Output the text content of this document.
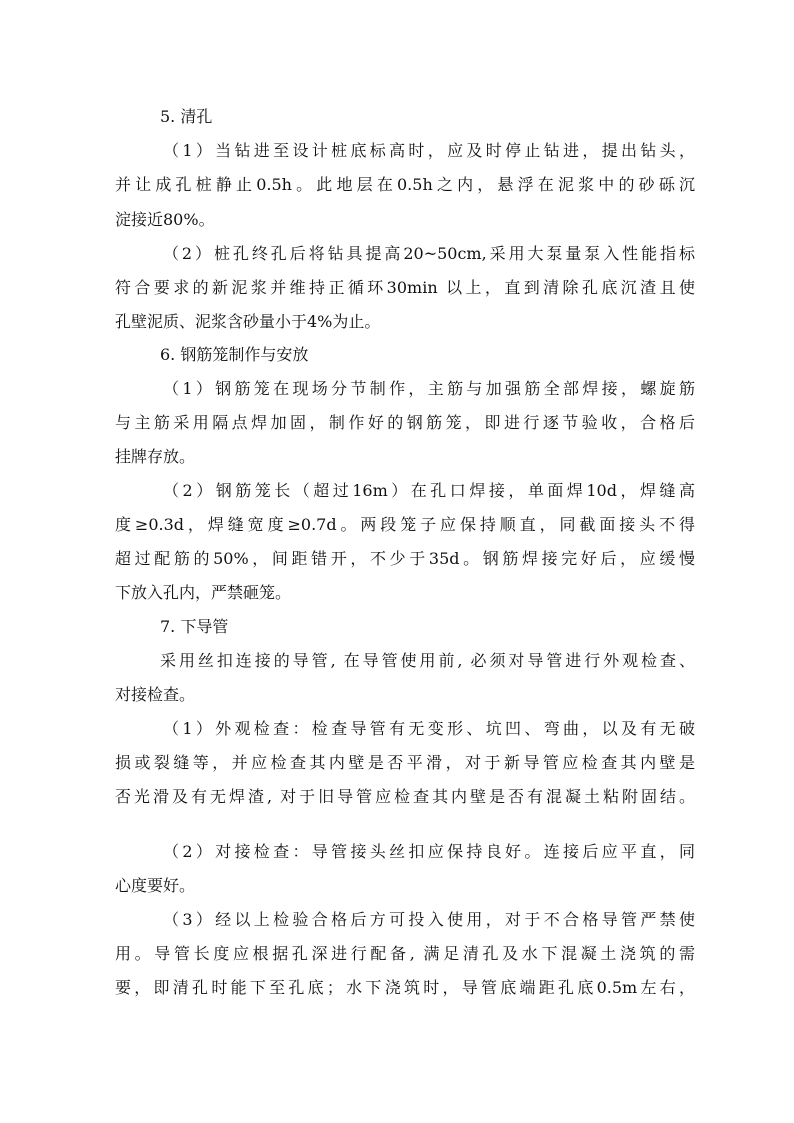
5. 清孔
（1）当钻进至设计桩底标高时，应及时停止钻进，提出钻头，
并让成孔桩静止0.5h。此地层在0.5h之内，悬浮在泥浆中的砂砾沉
淀接近80%。
（2）桩孔终孔后将钻具提高20~50cm,采用大泵量泵入性能指标
符合要求的新泥浆并维持正循环30min 以上，直到清除孔底沉渣且使
孔壁泥质、泥浆含砂量小于4%为止。
6. 钢筋笼制作与安放
（1）钢筋笼在现场分节制作，主筋与加强筋全部焊接，螺旋筋
与主筋采用隔点焊加固，制作好的钢筋笼，即进行逐节验收，合格后
挂牌存放。
（2）钢筋笼长（超过16m）在孔口焊接，单面焊10d，焊缝高
度≥0.3d，焊缝宽度≥0.7d。两段笼子应保持顺直，同截面接头不得
超过配筋的50%，间距错开，不少于35d。钢筋焊接完好后，应缓慢
下放入孔内，严禁砸笼。
7. 下导管
采用丝扣连接的导管, 在导管使用前, 必须对导管进行外观检查、
对接检查。
（1）外观检查：检查导管有无变形、坑凹、弯曲，以及有无破
损或裂缝等，并应检查其内壁是否平滑，对于新导管应检查其内壁是
否光滑及有无焊渣, 对于旧导管应检查其内壁是否有混凝土粘附固结。
（2）对接检查：导管接头丝扣应保持良好。连接后应平直，同
心度要好。
（3）经以上检验合格后方可投入使用，对于不合格导管严禁使
用。导管长度应根据孔深进行配备, 满足清孔及水下混凝土浇筑的需
要，即清孔时能下至孔底；水下浇筑时，导管底端距孔底0.5m左右，
